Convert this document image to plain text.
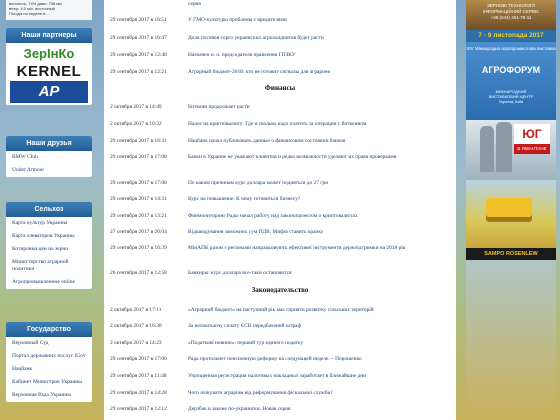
вологість: 74% давл: 758 мм
вітер: 4.0 м/с, восточный
Погода на неделе в...
Наши партнеры
ЗерІнКо
KERNEL
AP
Наши друзья
BMW Club
Under Armour
Сельхоз
Карта культур Украины
Карта элеваторов Украины
Котировки цен на зерно
Министерство аграрной политики
Агропромышленное online
Государство
Верховный Суд
Портал державних послуг iGov
Нацбанк
Кабинет Министров Украины
Верховная Рада Украины
серия
29 сентября 2017 в 16:51	У ГМО-культуры проблемы с вредителями
29 сентября 2017 в 16:47	Доля посевов сорго украинских агрохолдингов будет расти
29 сентября 2017 в 12:48	Назначен и. о. председателя правления ГПЗКУ
29 сентября 2017 в 12:21	Аграрный бюджет-2018: кто не готовит сигналы для аграриев
Финансы
2 октября 2017 в 14:49	Биткоин продолжает расти
2 октября 2017 в 10:32	Налог на криптовалюту: Где и сколько надо платить за операции с биткоином
29 сентября 2017 в 16:31	Нацбанк начал публиковать данные о финансовом состоянии банков
29 сентября 2017 в 17:08	Банки в Украине не уважают клиентов и редко возможности уделяют их права проверками
29 сентября 2017 в 17:08	По каким причинам курс доллара может подняться до 27 грн
29 сентября 2017 в 14:31	Курс на повышение. К чему готовиться бизнесу?
29 сентября 2017 в 13:21	Финмониторинг Рады начал работу над законопроектом о криптовалютах
27 сентября 2017 в 20:04	Відшкодування заможних сум ПДВ: Мифія ставить крапку
29 сентября 2017 в 16:39	МінАПК разом з регіонами напрацьовують ефективні інструменти держпідтримки на 2018 рік
26 сентября 2017 в 12:58	Банкиры: курс доллара все-таки остановится
Законодательство
2 октября 2017 в 17:11	«Аграрний бюджет» на наступний рік має сприяти розвитку сільських територій
2 октября 2017 в 16:30	За несвоєчасну сплату ЄСВ передбачений штраф
2 октября 2017 в 14:23	«Податкові новини»: перший тур единого податку
29 сентября 2017 в 17:06	Рада протолкнет пенсионную реформу на следующей неделе. – Порошенко
29 сентября 2017 в 11:48	Упрощенная регистрация налоговых накладных заработает в ближайшие дни
29 сентября 2017 в 14:28	Чого очікувати аграріям від реформування фіскальної служби?
29 сентября 2017 в 12:12	Дерзбак в законе по-украински. Новая серия
ЗЕРНОВІ ТЕХНОЛОГІЇ
ІНФОРМАЦІЙНИЙ СЕРВІС
+38 (044) 461-78-11
7 - 9 листопада 2017
XIV Міжнародна агропромислова виставка
АГРОФОРУМ
МІЖНАРОДНИЙ
ВИСТАВКОВИЙ ЦЕНТР
Україна, Київ
ЮГ
В ЯМАНТАНЕ
SAMPO ROSENLEW
